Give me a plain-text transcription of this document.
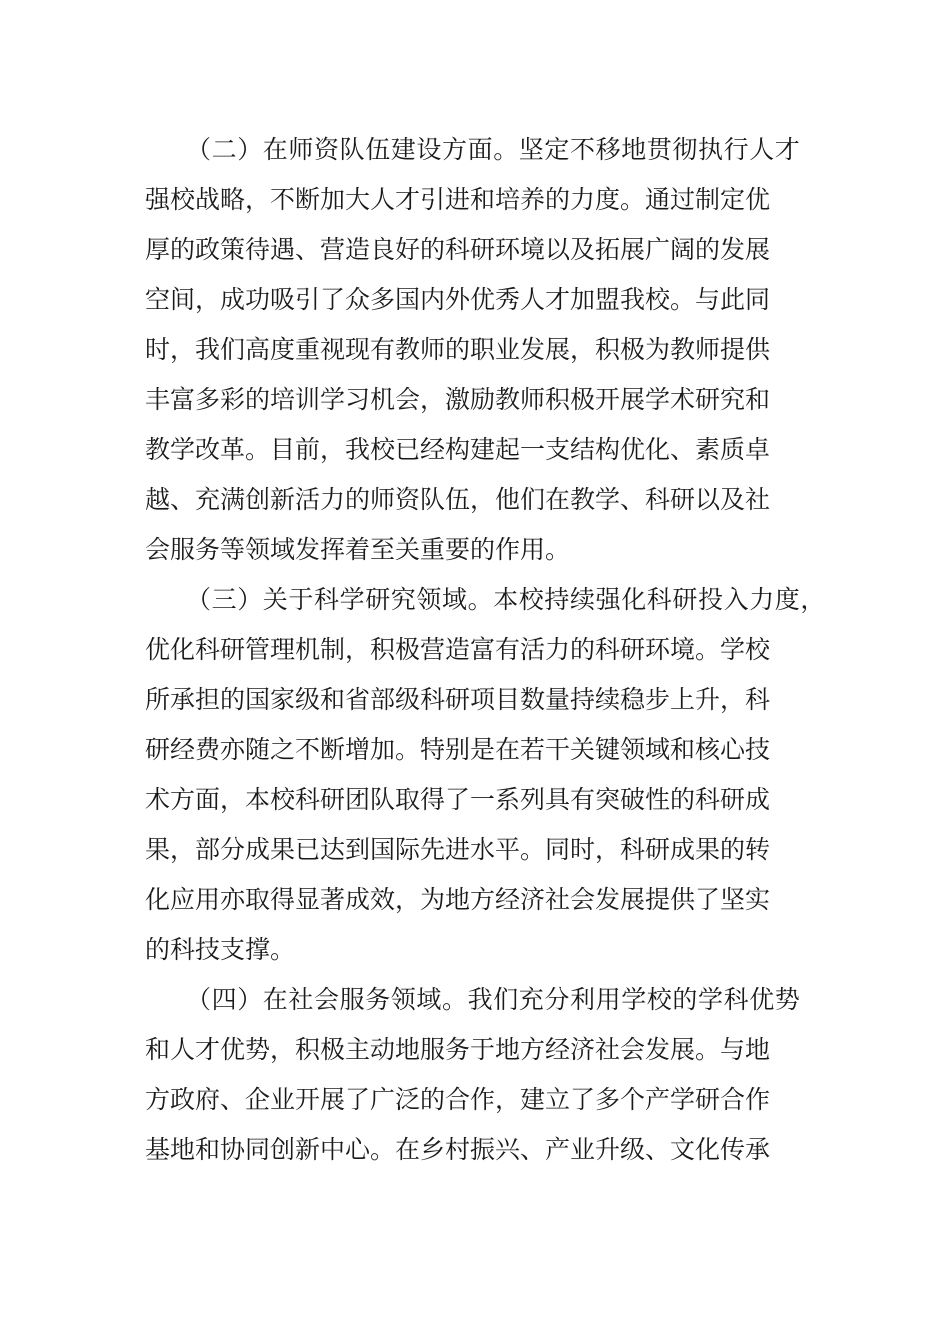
（二）在师资队伍建设方面。坚定不移地贯彻执行人才
强校战略，不断加大人才引进和培养的力度。通过制定优
厚的政策待遇、营造良好的科研环境以及拓展广阔的发展
空间，成功吸引了众多国内外优秀人才加盟我校。与此同
时，我们高度重视现有教师的职业发展，积极为教师提供
丰富多彩的培训学习机会，激励教师积极开展学术研究和
教学改革。目前，我校已经构建起一支结构优化、素质卓
越、充满创新活力的师资队伍，他们在教学、科研以及社
会服务等领域发挥着至关重要的作用。
（三）关于科学研究领域。本校持续强化科研投入力度，
优化科研管理机制，积极营造富有活力的科研环境。学校
所承担的国家级和省部级科研项目数量持续稳步上升，科
研经费亦随之不断增加。特别是在若干关键领域和核心技
术方面，本校科研团队取得了一系列具有突破性的科研成
果，部分成果已达到国际先进水平。同时，科研成果的转
化应用亦取得显著成效，为地方经济社会发展提供了坚实
的科技支撑。
（四）在社会服务领域。我们充分利用学校的学科优势
和人才优势，积极主动地服务于地方经济社会发展。与地
方政府、企业开展了广泛的合作，建立了多个产学研合作
基地和协同创新中心。在乡村振兴、产业升级、文化传承
